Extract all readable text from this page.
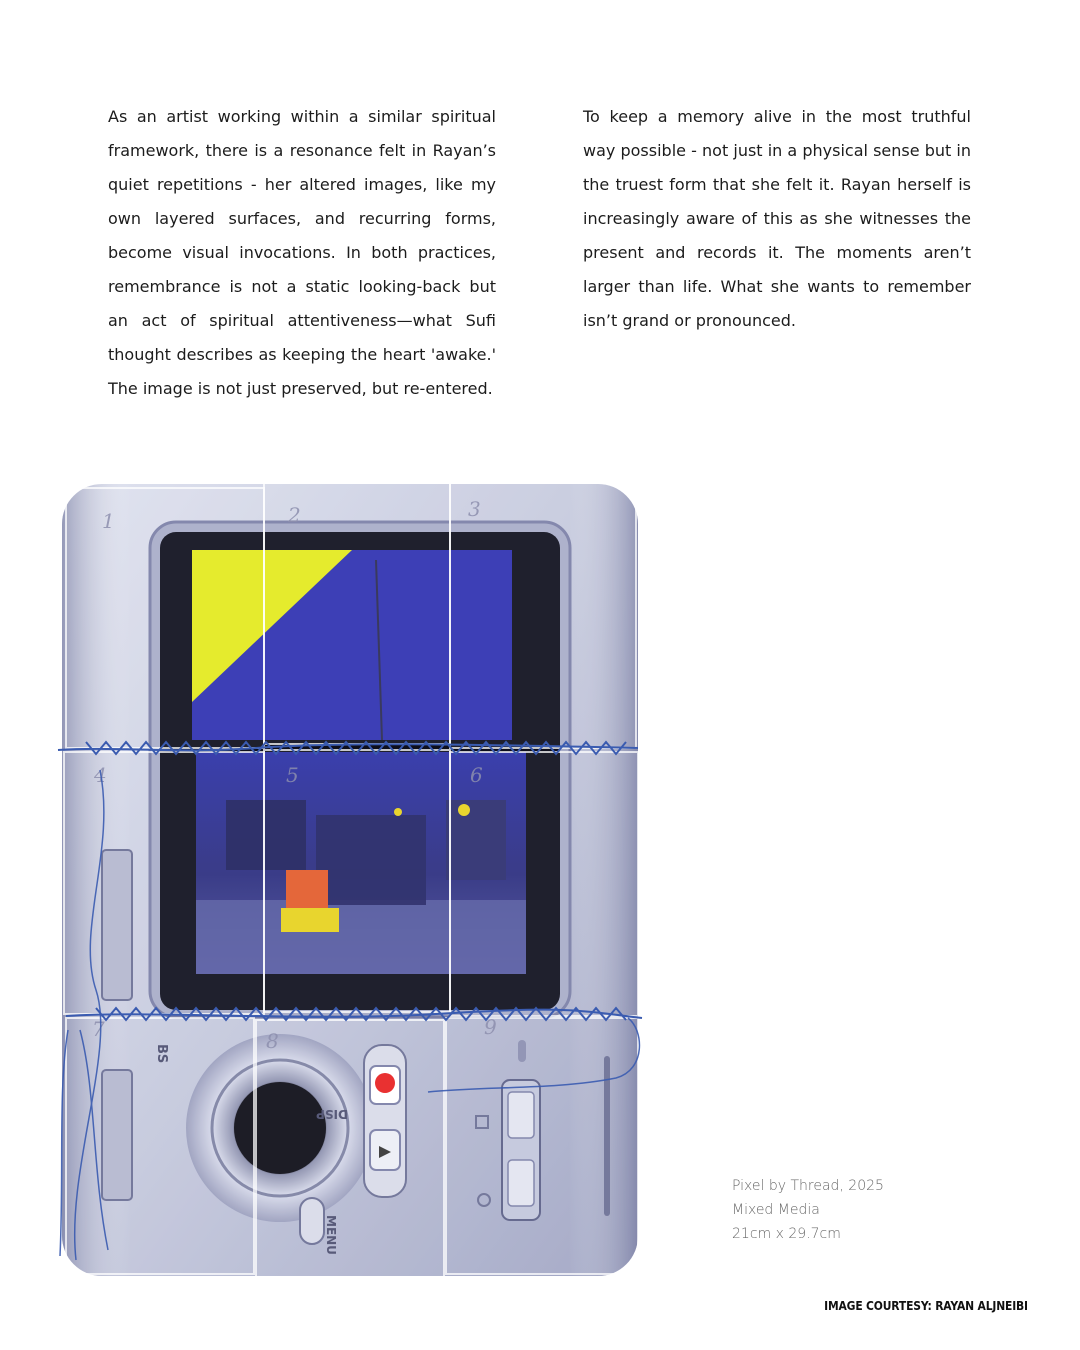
As an artist working within a similar spiritual framework, there is a resonance felt in Rayan’s quiet repetitions - her altered images, like my own layered surfaces, and recurring forms, become visual invocations. In both practices, remembrance is not a static looking-back but an act of spiritual attentiveness—what Sufi thought describes as keeping the heart 'awake.' The image is not just preserved, but re-entered.
To keep a memory alive in the most truthful way possible - not just in a physical sense but in the truest form that she felt it. Rayan herself is increasingly aware of this as she witnesses the present and records it. The moments aren’t larger than life. What she wants to remember isn’t grand or pronounced.
DISP
MENU
BS
1	2	3
4	5	6
7	8
9
Pixel by Thread, 2025
Mixed Media
21cm x 29.7cm
IMAGE COURTESY: RAYAN ALJNEIBI
